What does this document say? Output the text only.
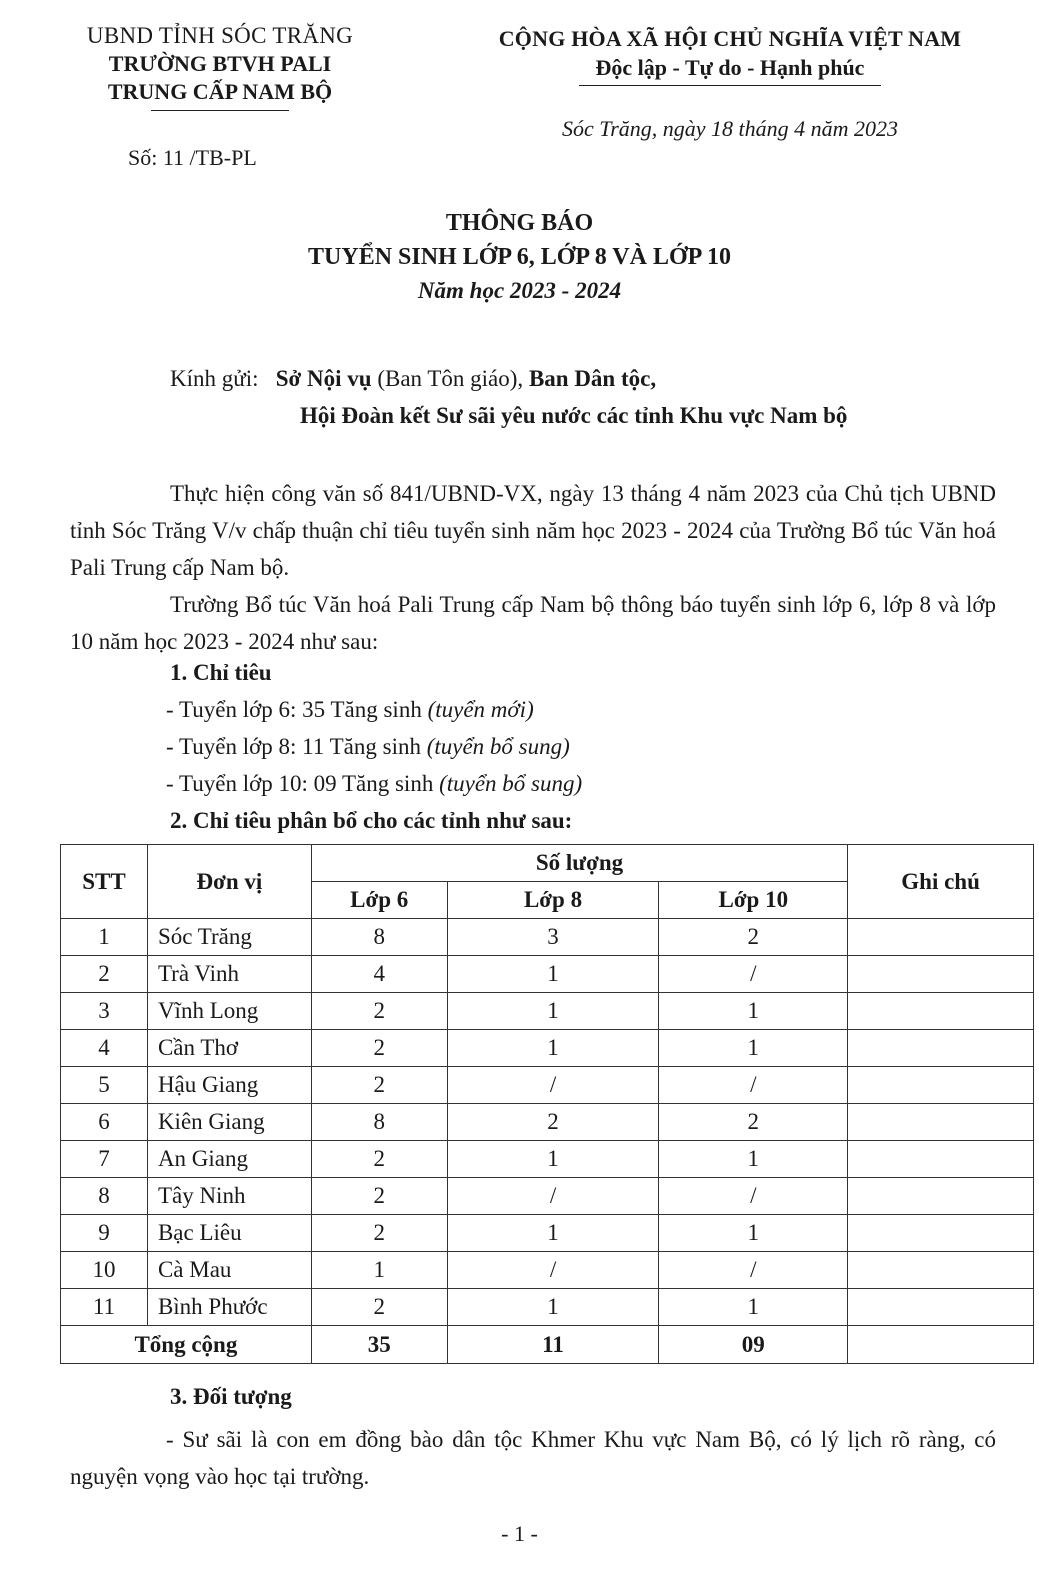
UBND TỈNH SÓC TRĂNG
TRƯỜNG BTVH PALI
TRUNG CẤP NAM BỘ
Số: 11 /TB-PL
CỘNG HÒA XÃ HỘI CHỦ NGHĨA VIỆT NAM
Độc lập - Tự do - Hạnh phúc
Sóc Trăng, ngày 18 tháng 4 năm 2023
THÔNG BÁO
TUYỂN SINH LỚP 6, LỚP 8 VÀ LỚP 10
Năm học 2023 - 2024
Kính gửi: Sở Nội vụ (Ban Tôn giáo), Ban Dân tộc,
Hội Đoàn kết Sư sãi yêu nước các tỉnh Khu vực Nam bộ
Thực hiện công văn số 841/UBND-VX, ngày 13 tháng 4 năm 2023 của Chủ tịch UBND tỉnh Sóc Trăng V/v chấp thuận chỉ tiêu tuyển sinh năm học 2023 - 2024 của Trường Bổ túc Văn hoá Pali Trung cấp Nam bộ.
Trường Bổ túc Văn hoá Pali Trung cấp Nam bộ thông báo tuyển sinh lớp 6, lớp 8 và lớp 10 năm học 2023 - 2024 như sau:
1. Chỉ tiêu
- Tuyển lớp 6: 35 Tăng sinh (tuyển mới)
- Tuyển lớp 8: 11 Tăng sinh (tuyển bổ sung)
- Tuyển lớp 10: 09 Tăng sinh (tuyển bổ sung)
2. Chỉ tiêu phân bổ cho các tỉnh như sau:
STT	Đơn vị	Số lượng			Ghi chú
		Lớp 6	Lớp 8	Lớp 10	
1	Sóc Trăng	8	3	2	
2	Trà Vinh	4	1	/	
3	Vĩnh Long	2	1	1	
4	Cần Thơ	2	1	1	
5	Hậu Giang	2	/	/	
6	Kiên Giang	8	2	2	
7	An Giang	2	1	1	
8	Tây Ninh	2	/	/	
9	Bạc Liêu	2	1	1	
10	Cà Mau	1	/	/	
11	Bình Phước	2	1	1	
Tổng cộng		35	11	09	
3. Đối tượng
- Sư sãi là con em đồng bào dân tộc Khmer Khu vực Nam Bộ, có lý lịch rõ ràng, có nguyện vọng vào học tại trường.
- 1 -
